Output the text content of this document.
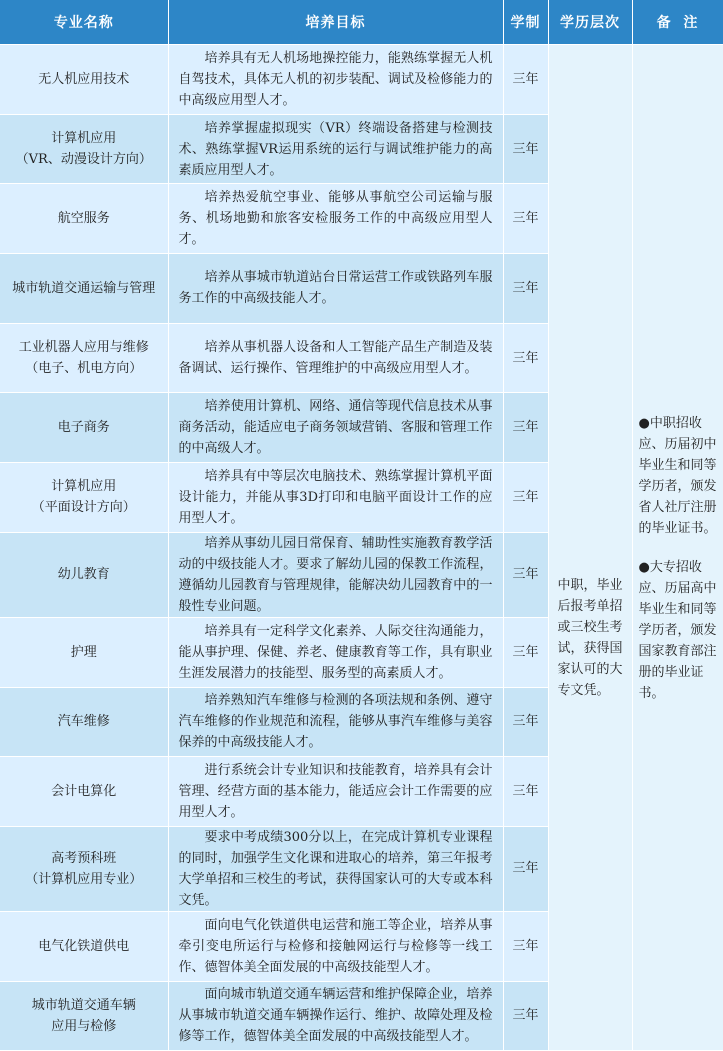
专业名称	培养目标	学制	学历层次	备  注

无人机应用技术	培养具有无人机场地操控能力，能熟练掌握无人机自驾技术，具体无人机的初步装配、调试及检修能力的中高级应用型人才。	三年	中职，毕业后报考单招或三校生考试，获得国家认可的大专文凭。	●中职招收应、历届初中毕业生和同等学历者，颁发省人社厅注册的毕业证书。
●大专招收应、历届高中毕业生和同等学历者，颁发国家教育部注册的毕业证书。

计算机应用
（VR、动漫设计方向）	培养掌握虚拟现实（VR）终端设备搭建与检测技术、熟练掌握VR运用系统的运行与调试维护能力的高素质应用型人才。	三年		

航空服务	培养热爱航空事业、能够从事航空公司运输与服务、机场地勤和旅客安检服务工作的中高级应用型人才。	三年		

城市轨道交通运输与管理	培养从事城市轨道站台日常运营工作或铁路列车服务工作的中高级技能人才。	三年		

工业机器人应用与维修
（电子、机电方向）	培养从事机器人设备和人工智能产品生产制造及装备调试、运行操作、管理维护的中高级应用型人才。	三年		

电子商务	培养使用计算机、网络、通信等现代信息技术从事商务活动，能适应电子商务领域营销、客服和管理工作的中高级人才。	三年		

计算机应用
（平面设计方向）	培养具有中等层次电脑技术、熟练掌握计算机平面设计能力，并能从事3D打印和电脑平面设计工作的应用型人才。	三年		

幼儿教育	培养从事幼儿园日常保育、辅助性实施教育教学活动的中级技能人才。要求了解幼儿园的保教工作流程，遵循幼儿园教育与管理规律，能解决幼儿园教育中的一般性专业问题。	三年		

护理	培养具有一定科学文化素养、人际交往沟通能力，能从事护理、保健、养老、健康教育等工作，具有职业生涯发展潜力的技能型、服务型的高素质人才。	三年		

汽车维修	培养熟知汽车维修与检测的各项法规和条例、遵守汽车维修的作业规范和流程，能够从事汽车维修与美容保养的中高级技能人才。	三年		

会计电算化	进行系统会计专业知识和技能教育，培养具有会计管理、经营方面的基本能力，能适应会计工作需要的应用型人才。	三年		

高考预科班
（计算机应用专业）	要求中考成绩300分以上，在完成计算机专业课程的同时，加强学生文化课和进取心的培养，第三年报考大学单招和三校生的考试，获得国家认可的大专或本科文凭。	三年		

电气化铁道供电	面向电气化铁道供电运营和施工等企业，培养从事牵引变电所运行与检修和接触网运行与检修等一线工作、德智体美全面发展的中高级技能型人才。	三年		

城市轨道交通车辆
应用与检修	面向城市轨道交通车辆运营和维护保障企业，培养从事城市轨道交通车辆操作运行、维护、故障处理及检修等工作，德智体美全面发展的中高级技能型人才。	三年		
